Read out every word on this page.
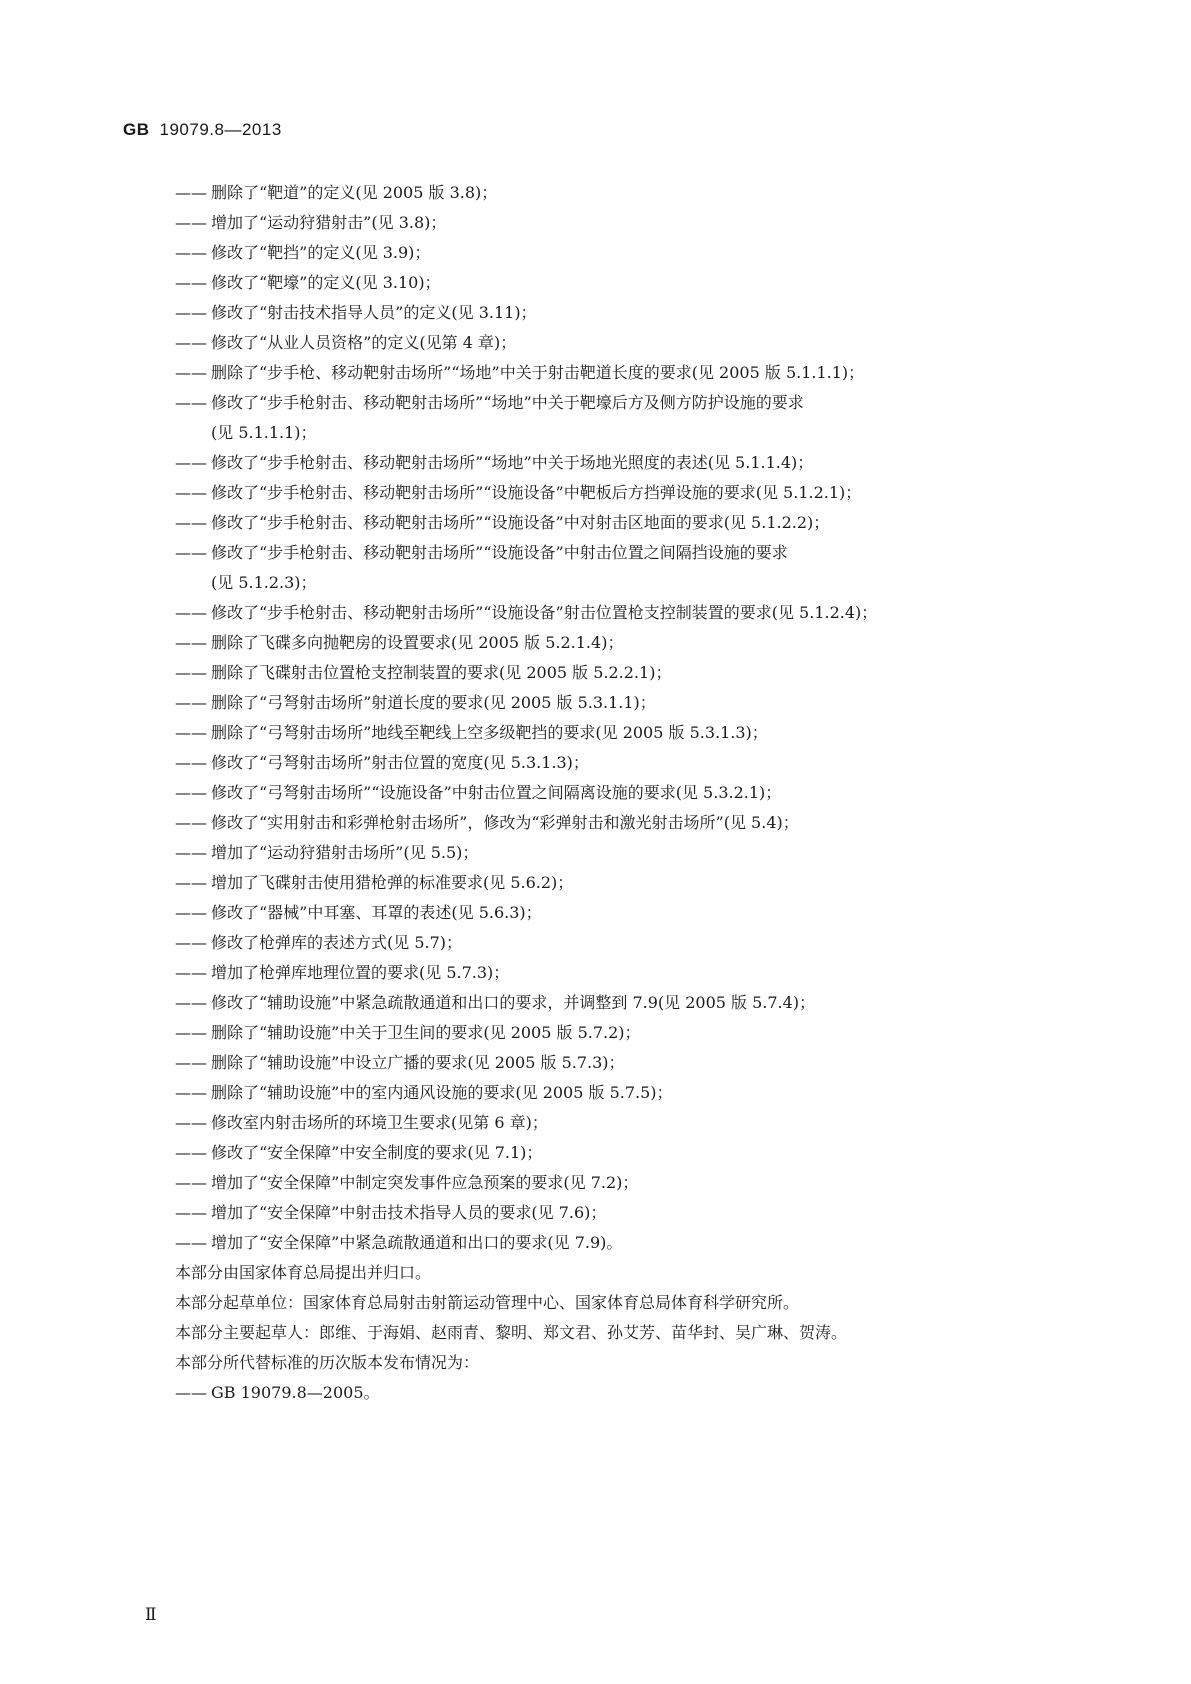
GB 19079.8—2013
—— 删除了“靶道”的定义(见 2005 版 3.8)；
—— 增加了“运动狩猎射击”(见 3.8)；
—— 修改了“靶挡”的定义(见 3.9)；
—— 修改了“靶壕”的定义(见 3.10)；
—— 修改了“射击技术指导人员”的定义(见 3.11)；
—— 修改了“从业人员资格”的定义(见第 4 章)；
—— 删除了“步手枪、移动靶射击场所”“场地”中关于射击靶道长度的要求(见 2005 版 5.1.1.1)；
—— 修改了“步手枪射击、移动靶射击场所”“场地”中关于靶壕后方及侧方防护设施的要求
(见 5.1.1.1)；
—— 修改了“步手枪射击、移动靶射击场所”“场地”中关于场地光照度的表述(见 5.1.1.4)；
—— 修改了“步手枪射击、移动靶射击场所”“设施设备”中靶板后方挡弹设施的要求(见 5.1.2.1)；
—— 修改了“步手枪射击、移动靶射击场所”“设施设备”中对射击区地面的要求(见 5.1.2.2)；
—— 修改了“步手枪射击、移动靶射击场所”“设施设备”中射击位置之间隔挡设施的要求
(见 5.1.2.3)；
—— 修改了“步手枪射击、移动靶射击场所”“设施设备”射击位置枪支控制装置的要求(见 5.1.2.4)；
—— 删除了飞碟多向抛靶房的设置要求(见 2005 版 5.2.1.4)；
—— 删除了飞碟射击位置枪支控制装置的要求(见 2005 版 5.2.2.1)；
—— 删除了“弓弩射击场所”射道长度的要求(见 2005 版 5.3.1.1)；
—— 删除了“弓弩射击场所”地线至靶线上空多级靶挡的要求(见 2005 版 5.3.1.3)；
—— 修改了“弓弩射击场所”射击位置的宽度(见 5.3.1.3)；
—— 修改了“弓弩射击场所”“设施设备”中射击位置之间隔离设施的要求(见 5.3.2.1)；
—— 修改了“实用射击和彩弹枪射击场所”，修改为“彩弹射击和激光射击场所”(见 5.4)；
—— 增加了“运动狩猎射击场所”(见 5.5)；
—— 增加了飞碟射击使用猎枪弹的标准要求(见 5.6.2)；
—— 修改了“器械”中耳塞、耳罩的表述(见 5.6.3)；
—— 修改了枪弹库的表述方式(见 5.7)；
—— 增加了枪弹库地理位置的要求(见 5.7.3)；
—— 修改了“辅助设施”中紧急疏散通道和出口的要求，并调整到 7.9(见 2005 版 5.7.4)；
—— 删除了“辅助设施”中关于卫生间的要求(见 2005 版 5.7.2)；
—— 删除了“辅助设施”中设立广播的要求(见 2005 版 5.7.3)；
—— 删除了“辅助设施”中的室内通风设施的要求(见 2005 版 5.7.5)；
—— 修改室内射击场所的环境卫生要求(见第 6 章)；
—— 修改了“安全保障”中安全制度的要求(见 7.1)；
—— 增加了“安全保障”中制定突发事件应急预案的要求(见 7.2)；
—— 增加了“安全保障”中射击技术指导人员的要求(见 7.6)；
—— 增加了“安全保障”中紧急疏散通道和出口的要求(见 7.9)。
本部分由国家体育总局提出并归口。
本部分起草单位：国家体育总局射击射箭运动管理中心、国家体育总局体育科学研究所。
本部分主要起草人：郎维、于海娟、赵雨青、黎明、郑文君、孙艾芳、苗华封、吴广琳、贺涛。
本部分所代替标准的历次版本发布情况为：
—— GB 19079.8—2005。
Ⅱ
